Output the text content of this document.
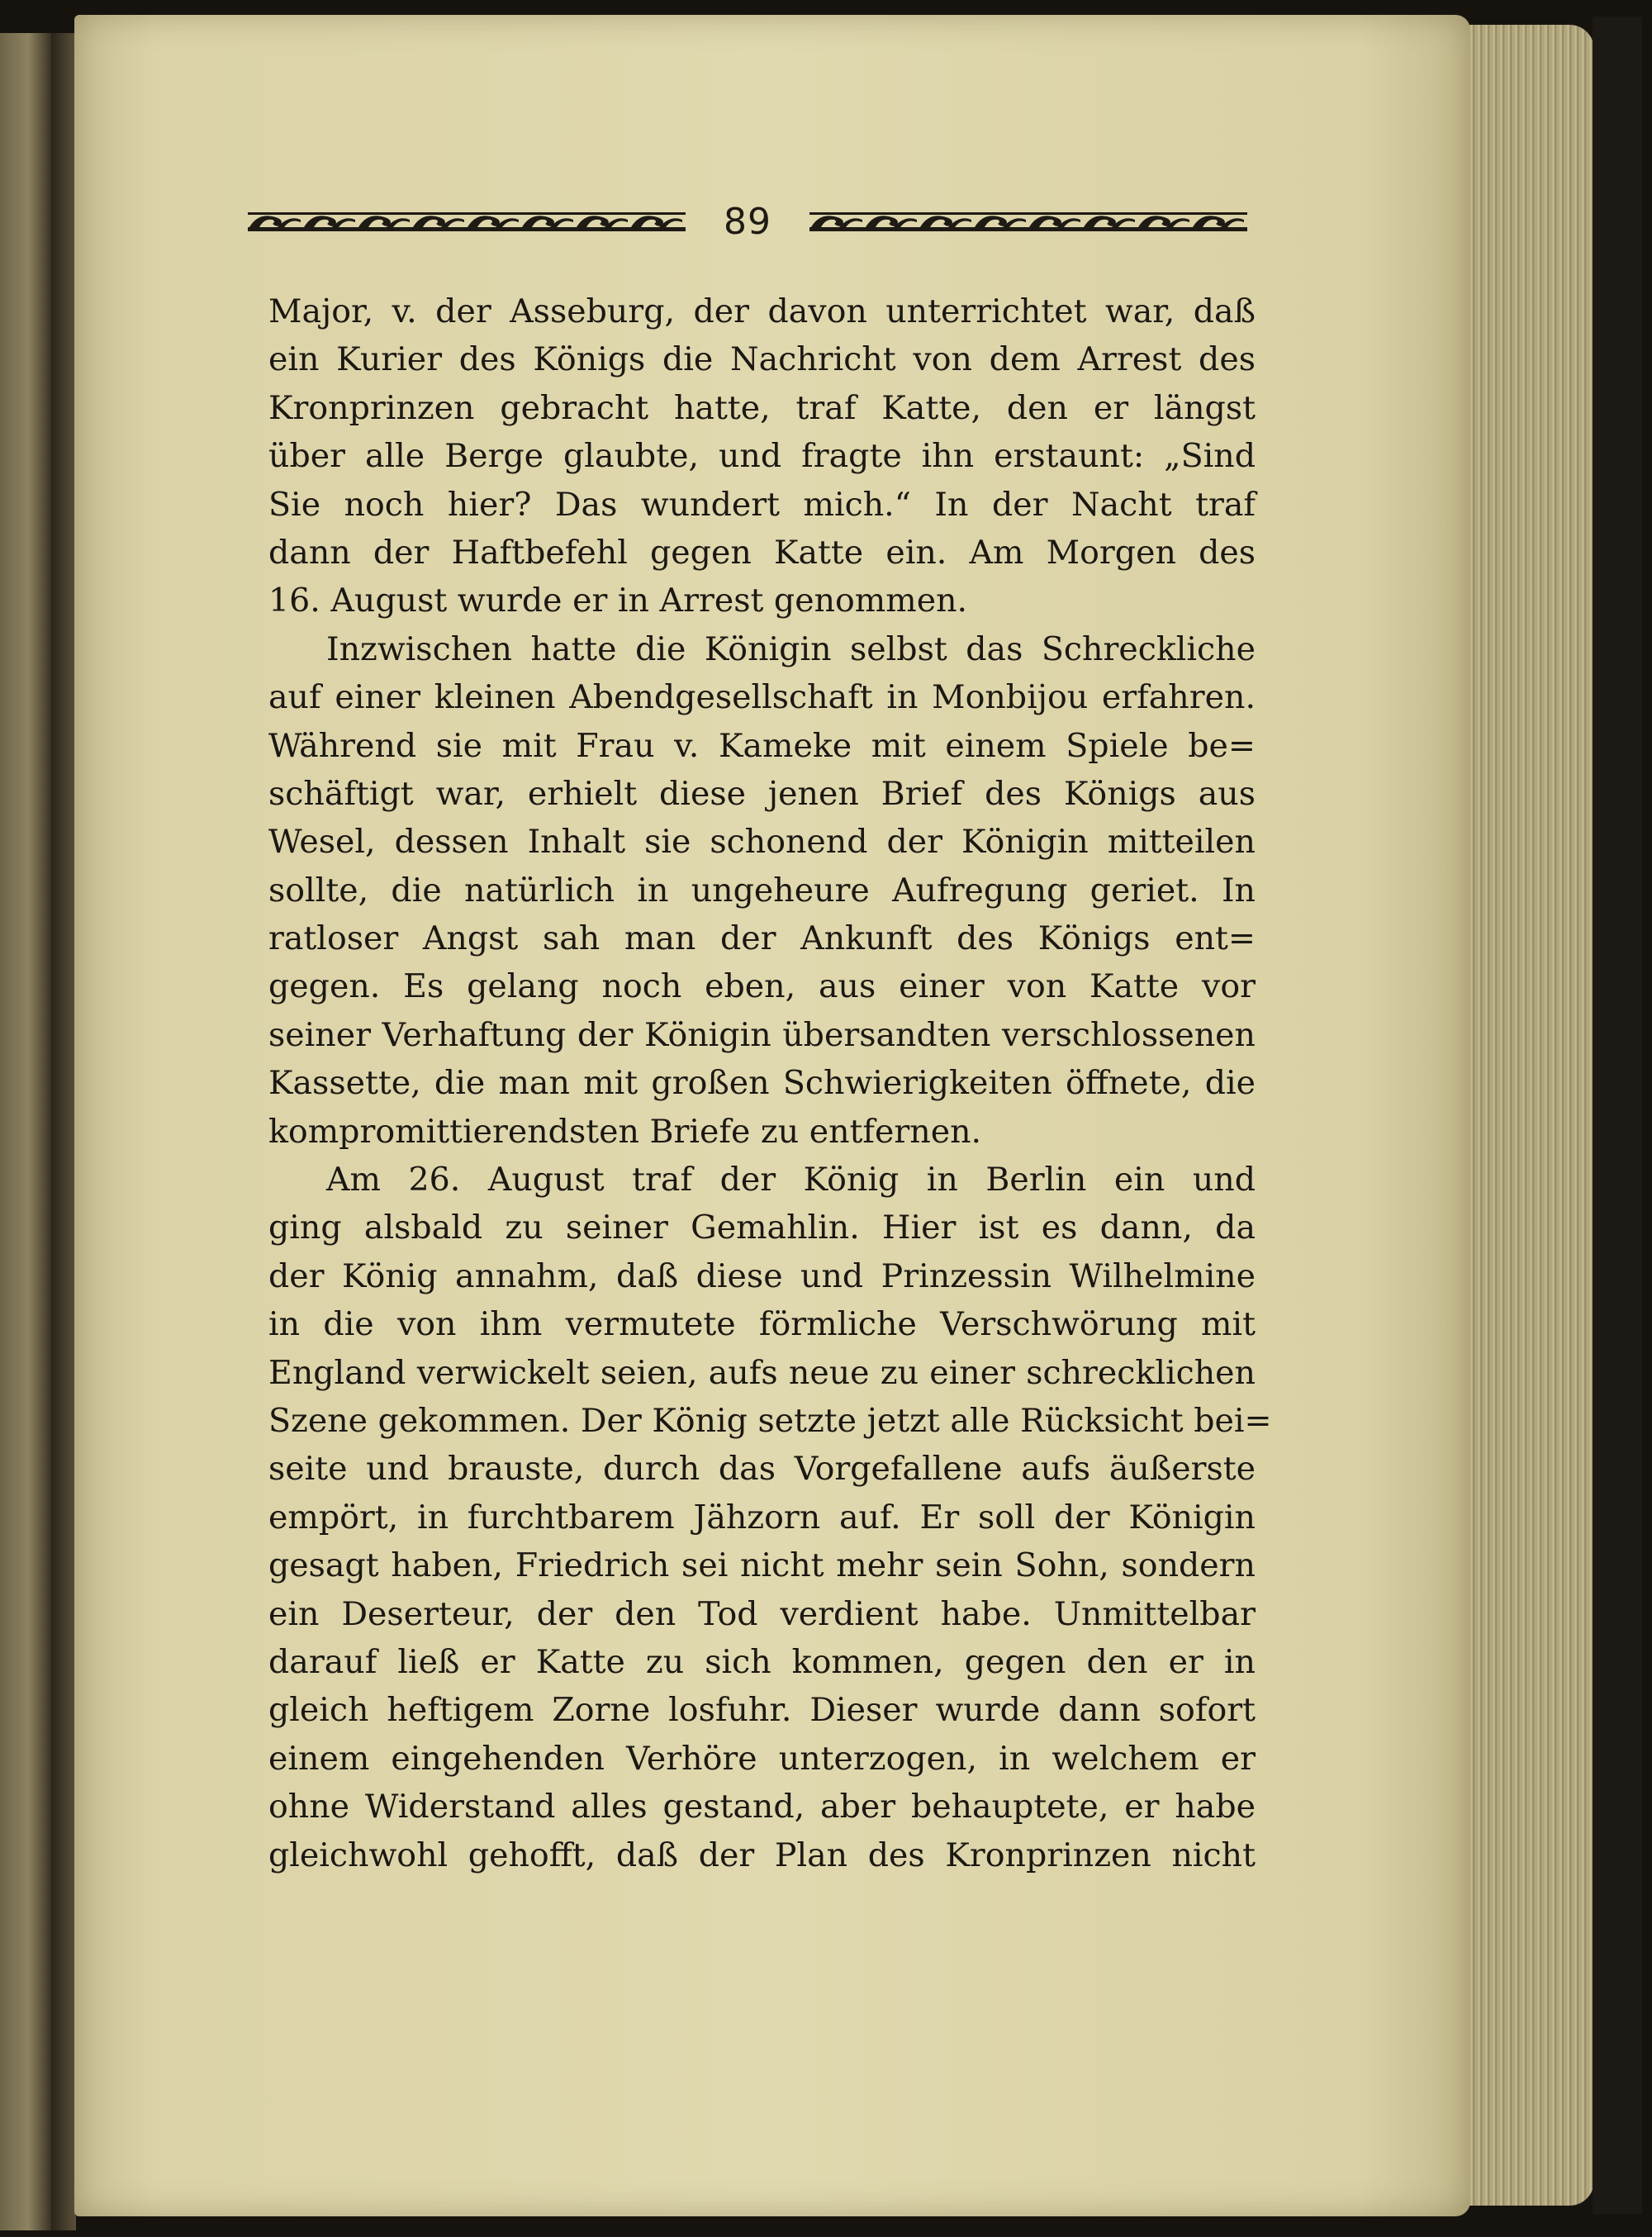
89
Major, v. der Asseburg, der davon unterrichtet war, daß
ein Kurier des Königs die Nachricht von dem Arrest des
Kronprinzen gebracht hatte, traf Katte, den er längst
über alle Berge glaubte, und fragte ihn erstaunt: „Sind
Sie noch hier? Das wundert mich.“ In der Nacht traf
dann der Haftbefehl gegen Katte ein. Am Morgen des
16. August wurde er in Arrest genommen.
Inzwischen hatte die Königin selbst das Schreckliche
auf einer kleinen Abendgesellschaft in Monbijou erfahren.
Während sie mit Frau v. Kameke mit einem Spiele be=
schäftigt war, erhielt diese jenen Brief des Königs aus
Wesel, dessen Inhalt sie schonend der Königin mitteilen
sollte, die natürlich in ungeheure Aufregung geriet. In
ratloser Angst sah man der Ankunft des Königs ent=
gegen. Es gelang noch eben, aus einer von Katte vor
seiner Verhaftung der Königin übersandten verschlossenen
Kassette, die man mit großen Schwierigkeiten öffnete, die
kompromittierendsten Briefe zu entfernen.
Am 26. August traf der König in Berlin ein und
ging alsbald zu seiner Gemahlin. Hier ist es dann, da
der König annahm, daß diese und Prinzessin Wilhelmine
in die von ihm vermutete förmliche Verschwörung mit
England verwickelt seien, aufs neue zu einer schrecklichen
Szene gekommen. Der König setzte jetzt alle Rücksicht bei=
seite und brauste, durch das Vorgefallene aufs äußerste
empört, in furchtbarem Jähzorn auf. Er soll der Königin
gesagt haben, Friedrich sei nicht mehr sein Sohn, sondern
ein Deserteur, der den Tod verdient habe. Unmittelbar
darauf ließ er Katte zu sich kommen, gegen den er in
gleich heftigem Zorne losfuhr. Dieser wurde dann sofort
einem eingehenden Verhöre unterzogen, in welchem er
ohne Widerstand alles gestand, aber behauptete, er habe
gleichwohl gehofft, daß der Plan des Kronprinzen nicht
